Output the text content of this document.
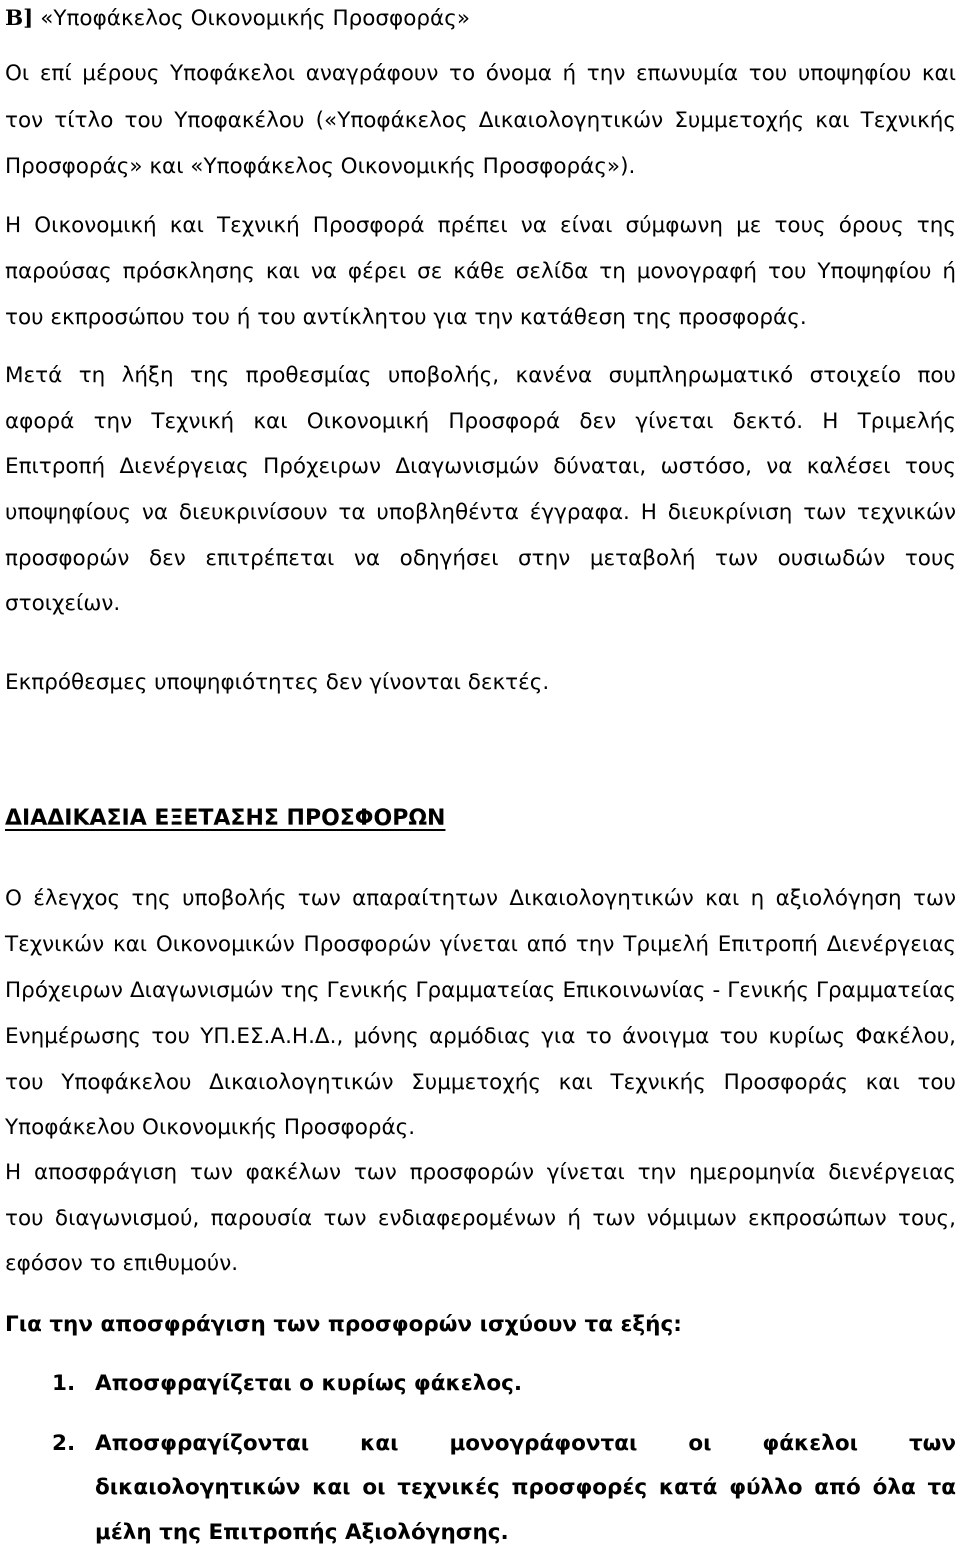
Β] «Υποφάκελος Οικονομικής Προσφοράς»
Οι επί μέρους Υποφάκελοι αναγράφουν το όνομα ή την επωνυμία του υποψηφίου και
τον τίτλο του Υποφακέλου («Υποφάκελος Δικαιολογητικών Συμμετοχής και Τεχνικής
Προσφοράς» και «Υποφάκελος Οικονομικής Προσφοράς»).
Η Οικονομική και Τεχνική Προσφορά πρέπει να είναι σύμφωνη με τους όρους της
παρούσας πρόσκλησης και να φέρει σε κάθε σελίδα τη μονογραφή του Υποψηφίου ή
του εκπροσώπου του ή του αντίκλητου για την κατάθεση της προσφοράς.
Μετά τη λήξη της προθεσμίας υποβολής, κανένα συμπληρωματικό στοιχείο που
αφορά την Τεχνική και Οικονομική Προσφορά δεν γίνεται δεκτό. Η Τριμελής
Επιτροπή Διενέργειας Πρόχειρων Διαγωνισμών δύναται, ωστόσο, να καλέσει τους
υποψηφίους να διευκρινίσουν τα υποβληθέντα έγγραφα. Η διευκρίνιση των τεχνικών
προσφορών δεν επιτρέπεται να οδηγήσει στην μεταβολή των ουσιωδών τους
στοιχείων.
Εκπρόθεσμες υποψηφιότητες δεν γίνονται δεκτές.
ΔΙΑΔΙΚΑΣΙΑ ΕΞΕΤΑΣΗΣ ΠΡΟΣΦΟΡΩΝ
Ο έλεγχος της υποβολής των απαραίτητων Δικαιολογητικών και η αξιολόγηση των
Τεχνικών και Οικονομικών Προσφορών γίνεται από την Τριμελή Επιτροπή Διενέργειας
Πρόχειρων Διαγωνισμών της Γενικής Γραμματείας Επικοινωνίας - Γενικής Γραμματείας
Ενημέρωσης του ΥΠ.ΕΣ.Α.Η.Δ., μόνης αρμόδιας για το άνοιγμα του κυρίως Φακέλου,
του Υποφάκελου Δικαιολογητικών Συμμετοχής και Τεχνικής Προσφοράς και του
Υποφάκελου Οικονομικής Προσφοράς.
Η αποσφράγιση των φακέλων των προσφορών γίνεται την ημερομηνία διενέργειας
του διαγωνισμού, παρουσία των ενδιαφερομένων ή των νόμιμων εκπροσώπων τους,
εφόσον το επιθυμούν.
Για την αποσφράγιση των προσφορών ισχύουν τα εξής:
1. Αποσφραγίζεται ο κυρίως φάκελος.
2. Αποσφραγίζονται και μονογράφονται οι φάκελοι των
δικαιολογητικών και οι τεχνικές προσφορές κατά φύλλο από όλα τα
μέλη της Επιτροπής Αξιολόγησης.
